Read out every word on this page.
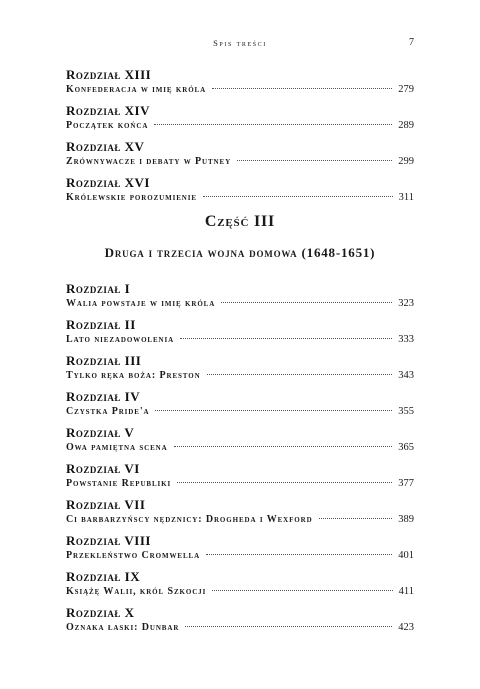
Spis treści	7
Rozdział XIII
Konfederacja w imię króla	279
Rozdział XIV
Początek końca	289
Rozdział XV
Zrównywacze i debaty w Putney	299
Rozdział XVI
Królewskie porozumienie	311
Część III
Druga i trzecia wojna domowa (1648-1651)
Rozdział I
Walia powstaje w imię króla	323
Rozdział II
Lato niezadowolenia	333
Rozdział III
Tylko ręka boża: Preston	343
Rozdział IV
Czystka Pride'a	355
Rozdział V
Owa pamiętna scena	365
Rozdział VI
Powstanie Republiki	377
Rozdział VII
Ci barbarzyńscy nędznicy: Drogheda i Wexford	389
Rozdział VIII
Przekleństwo Cromwella	401
Rozdział IX
Książę Walii, król Szkocji	411
Rozdział X
Oznaka łaski: Dunbar	423
